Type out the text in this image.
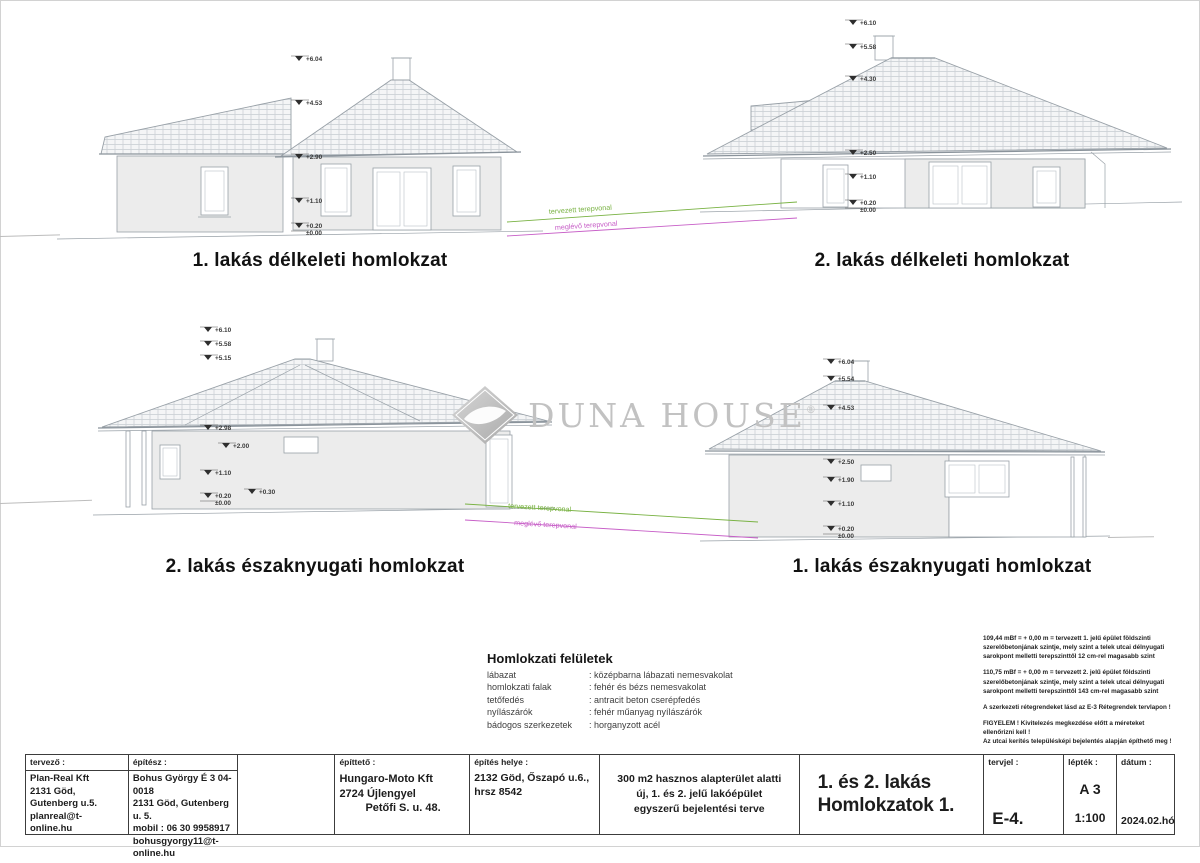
+6.04
+4.53
+2.90
+1.10
+0.20
±0.00
+6.10
+5.58
+4.30
+2.50
+1.10
+0.20
±0.00
+6.10
+5.58
+5.15
+2.98
+2.00
+1.10
+0.20
±0.00
+0.30
+6.04
+5.54
+4.53
+2.50
+1.90
+1.10
+0.20
±0.00
tervezett terepvonal
meglévő terepvonal
tervezett terepvonal
meglévő terepvonal
1. lakás délkeleti homlokzat	2. lakás délkeleti homlokzat
2. lakás északnyugati homlokzat	1. lakás északnyugati homlokzat
DUNA HOUSE®
Homlokzati felületek
lábazat	: középbarna lábazati nemesvakolat
homlokzati falak	: fehér és bézs nemesvakolat
tetőfedés	: antracit beton cserépfedés
nyílászárók	: fehér műanyag nyílászárók
bádogos szerkezetek : horganyzott acél

109,44 mBf = + 0,00 m = tervezett 1. jelű épület földszinti szerelőbetonjának szintje, mely szint a telek utcai délnyugati sarokpont melletti terepszinttől 12 cm-rel magasabb szint

110,75 mBf = + 0,00 m = tervezett 2. jelű épület földszinti szerelőbetonjának szintje, mely szint a telek utcai délnyugati sarokpont melletti terepszinttől 143 cm-rel magasabb szint

A szerkezeti rétegrendeket lásd az E-3 Rétegrendek tervlapon !

FIGYELEM ! Kivitelezés megkezdése előtt a méreteket ellenőrizni kell !

Az utcai kerítés településképi bejelentés alapján építhető meg !

tervező :
Plan-Real Kft
2131 Göd, Gutenberg u.5.
planreal@t-online.hu
építész :
Bohus György É 3 04-0018
2131 Göd, Gutenberg u. 5.
mobil : 06 30 9958917
bohusgyorgy11@t-online.hu
építtető :
Hungaro-Moto Kft
2724 Újlengyel
Petőfi S. u. 48.
építés helye :
2132 Göd, Őszapó u.6.,
hrsz 8542
300 m2 hasznos alapterület alatti
új, 1. és 2. jelű lakóépület
egyszerű bejelentési terve
1. és 2. lakás
Homlokzatok 1.
tervjel :
E-4.
lépték :
A 3
1:100
dátum :
2024.02.hó
